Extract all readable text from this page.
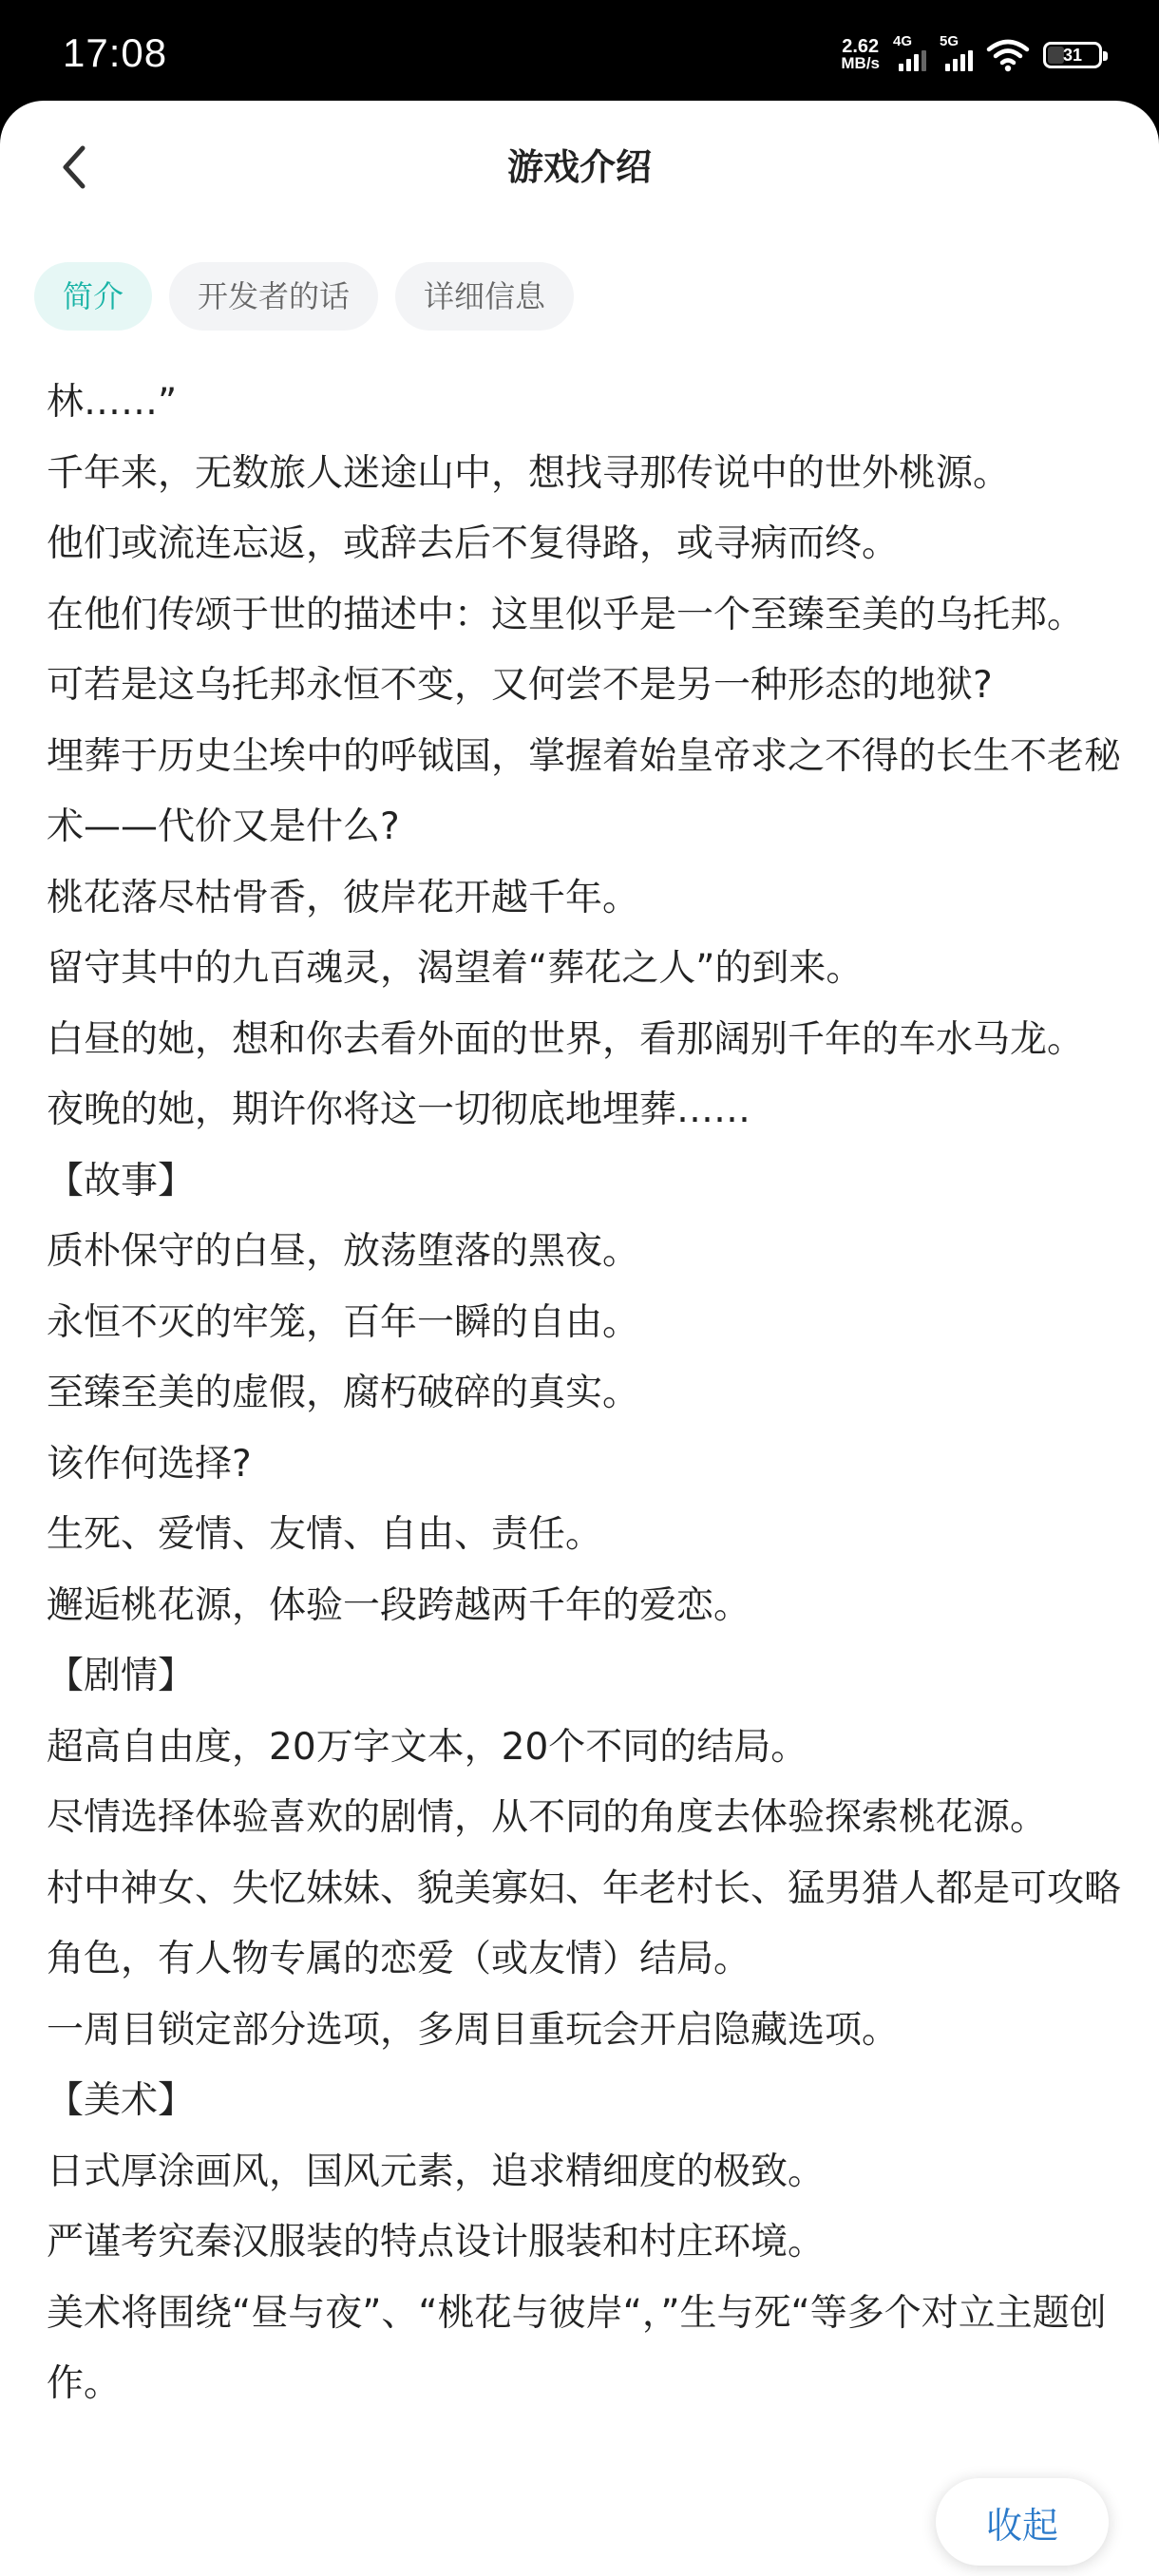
17:08	2.62
MB/s
4G 5G
31
游戏介绍
简介	开发者的话	详细信息

林……”

千年来，无数旅人迷途山中，想找寻那传说中的世外桃源。

他们或流连忘返，或辞去后不复得路，或寻病而终。

在他们传颂于世的描述中：这里似乎是一个至臻至美的乌托邦。

可若是这乌托邦永恒不变，又何尝不是另一种形态的地狱?

埋葬于历史尘埃中的呼钺国，掌握着始皇帝求之不得的长生不老秘术——代价又是什么?

桃花落尽枯骨香，彼岸花开越千年。

留守其中的九百魂灵，渴望着“葬花之人”的到来。

白昼的她，想和你去看外面的世界，看那阔别千年的车水马龙。

夜晚的她，期许你将这一切彻底地埋葬……

【故事】

质朴保守的白昼，放荡堕落的黑夜。

永恒不灭的牢笼，百年一瞬的自由。

至臻至美的虚假，腐朽破碎的真实。

该作何选择?

生死、爱情、友情、自由、责任。

邂逅桃花源，体验一段跨越两千年的爱恋。

【剧情】

超高自由度，20万字文本，20个不同的结局。

尽情选择体验喜欢的剧情，从不同的角度去体验探索桃花源。

村中神女、失忆妹妹、貌美寡妇、年老村长、猛男猎人都是可攻略角色，有人物专属的恋爱（或友情）结局。

一周目锁定部分选项，多周目重玩会开启隐藏选项。

【美术】

日式厚涂画风，国风元素，追求精细度的极致。

严谨考究秦汉服装的特点设计服装和村庄环境。

美术将围绕“昼与夜”、“桃花与彼岸“，”生与死“等多个对立主题创作。

收起
